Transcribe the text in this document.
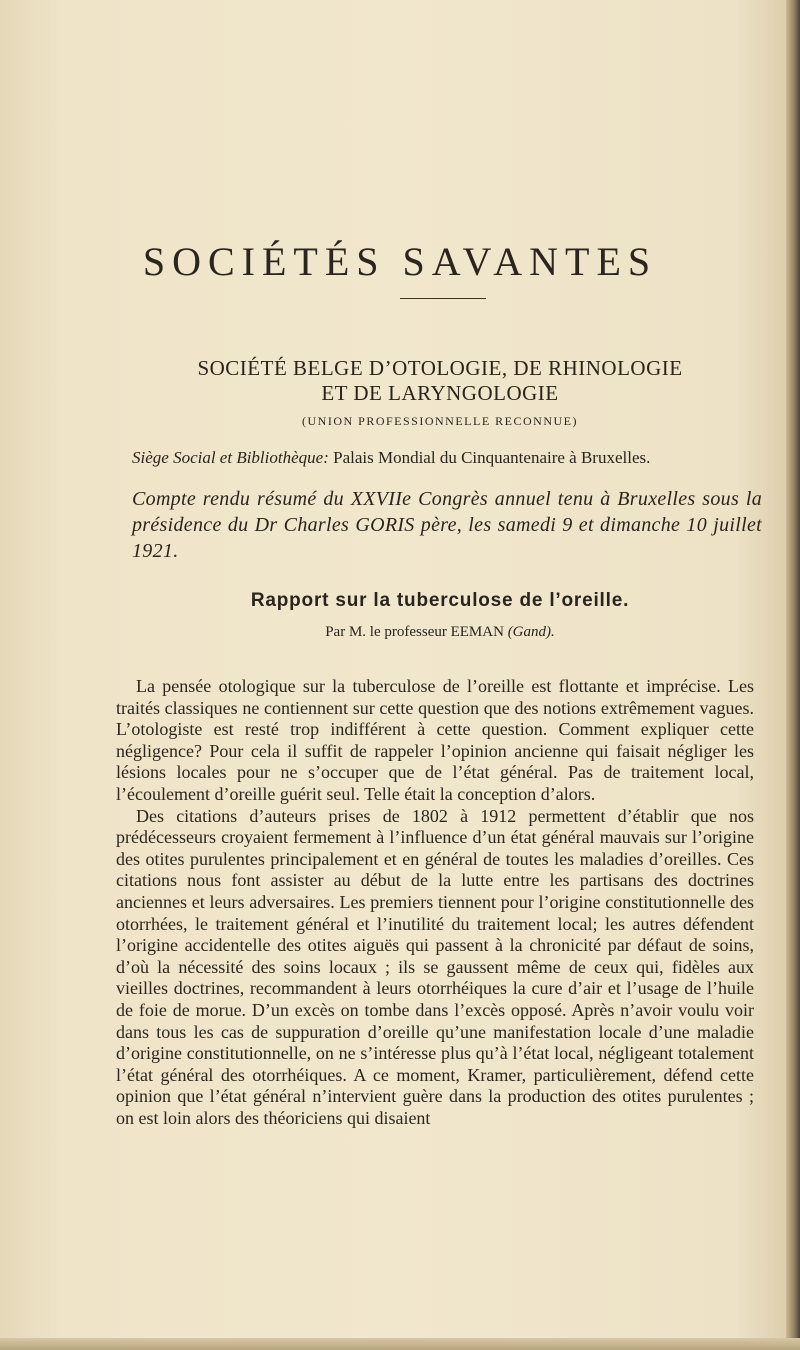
SOCIÉTÉS SAVANTES
SOCIÉTÉ BELGE D’OTOLOGIE, DE RHINOLOGIE
ET DE LARYNGOLOGIE
(UNION PROFESSIONNELLE RECONNUE)
Siège Social et Bibliothèque: Palais Mondial du Cinquantenaire à Bruxelles.
Compte rendu résumé du XXVIIe Congrès annuel tenu à Bruxelles sous la présidence du Dr Charles GORIS père, les samedi 9 et dimanche 10 juillet 1921.
Rapport sur la tuberculose de l’oreille.
Par M. le professeur EEMAN (Gand).

La pensée otologique sur la tuberculose de l’oreille est flottante et imprécise. Les traités classiques ne contiennent sur cette question que des notions extrêmement vagues. L’otologiste est resté trop indifférent à cette question. Comment expliquer cette négligence? Pour cela il suffit de rappeler l’opinion ancienne qui faisait négliger les lésions locales pour ne s’occuper que de l’état général. Pas de traitement local, l’écoulement d’oreille guérit seul. Telle était la conception d’alors.

Des citations d’auteurs prises de 1802 à 1912 permettent d’établir que nos prédécesseurs croyaient fermement à l’influence d’un état général mauvais sur l’origine des otites purulentes principalement et en général de toutes les maladies d’oreilles. Ces citations nous font assister au début de la lutte entre les partisans des doctrines anciennes et leurs adversaires. Les premiers tiennent pour l’origine constitutionnelle des otorrhées, le traitement général et l’inutilité du traitement local; les autres défendent l’origine accidentelle des otites aiguës qui passent à la chronicité par défaut de soins, d’où la nécessité des soins locaux ; ils se gaussent même de ceux qui, fidèles aux vieilles doctrines, recommandent à leurs otorrhéiques la cure d’air et l’usage de l’huile de foie de morue. D’un excès on tombe dans l’excès opposé. Après n’avoir voulu voir dans tous les cas de suppuration d’oreille qu’une manifestation locale d’une maladie d’origine constitutionnelle, on ne s’intéresse plus qu’à l’état local, négligeant totalement l’état général des otorrhéiques. A ce moment, Kramer, particulièrement, défend cette opinion que l’état général n’intervient guère dans la production des otites purulentes ; on est loin alors des théoriciens qui disaient
